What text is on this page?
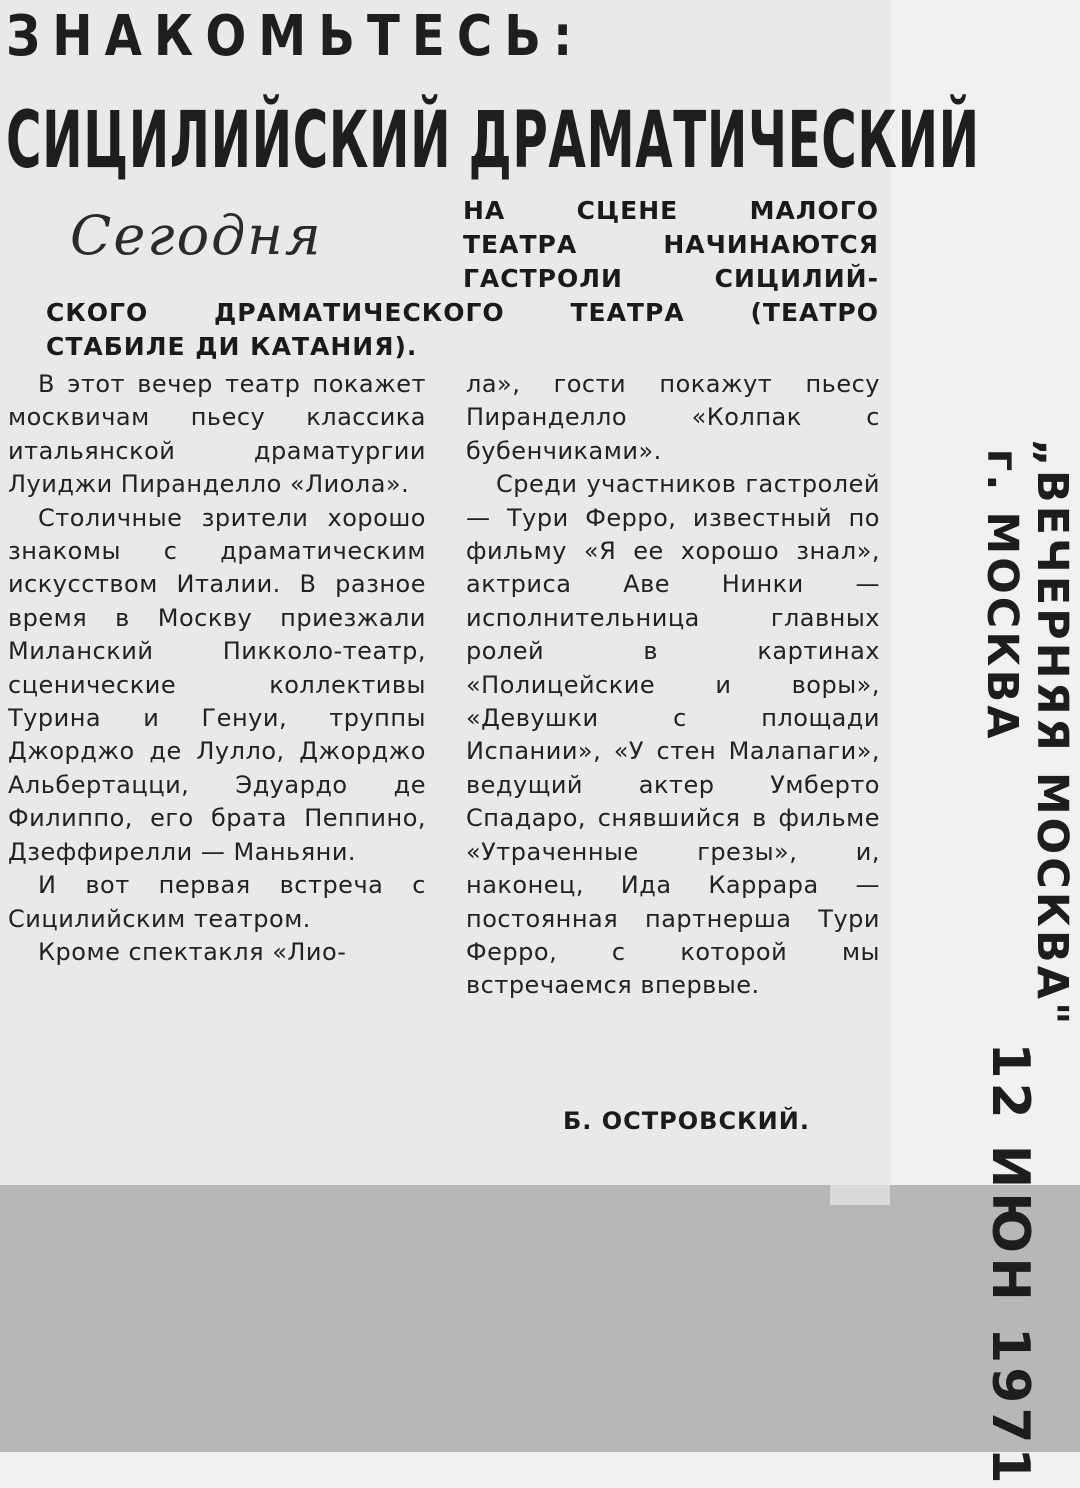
ЗНАКОМЬТЕСЬ:
СИЦИЛИЙСКИЙ ДРАМАТИЧЕСКИЙ
Сегодня	НА СЦЕНЕ МАЛОГО
ТЕАТРА НАЧИНАЮТСЯ
ГАСТРОЛИ СИЦИЛИЙ-
СКОГО ДРАМАТИЧЕСКОГО ТЕАТРА (ТЕАТРО
СТАБИЛЕ ДИ КАТАНИЯ).

В этот вечер театр покажет москвичам пьесу классика итальянской драматургии Луиджи Пиранделло «Лиола».

Столичные зрители хорошо знакомы с драматическим искусством Италии. В разное время в Москву приезжали Миланский Пикколо-театр, сценические коллективы Турина и Генуи, труппы Джорджо де Лулло, Джорджо Альбертацци, Эдуардо де Филиппо, его брата Пеппино, Дзеффирелли — Маньяни.

И вот первая встреча с Сицилийским театром.

Кроме спектакля «Лио-

ла», гости покажут пьесу Пиранделло «Колпак с бубенчиками».

Среди участников гастролей — Тури Ферро, известный по фильму «Я ее хорошо знал», актриса Аве Нинки — исполнительница главных ролей в картинах «Полицейские и воры», «Девушки с площади Испании», «У стен Малапаги», ведущий актер Умберто Спадаро, снявшийся в фильме «Утраченные грезы», и, наконец, Ида Каррара — постоянная партнерша Тури Ферро, с которой мы встречаемся впервые.

Б. ОСТРОВСКИЙ.
„ВЕЧЕРНЯЯ МОСКВА"
г. МОСКВА
12 ИЮН 1971
